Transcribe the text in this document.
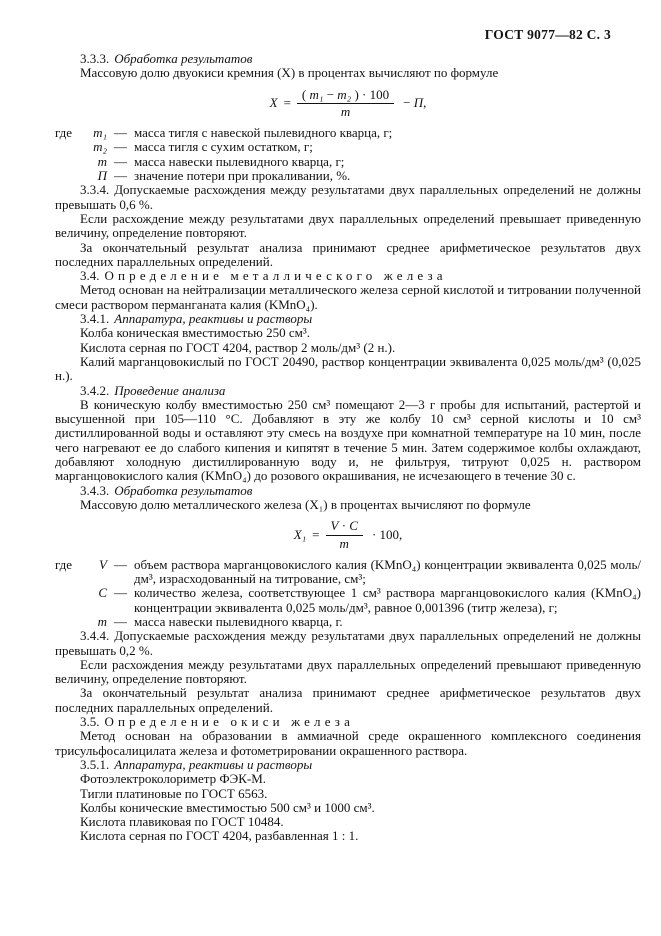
ГОСТ 9077—82 С. 3

3.3.3. Обработка результатов

Массовую долю двуокиси кремния (X) в процентах вычисляют по формуле

$X = \frac{\text{( m₁ − m₂ ) · 100}}{m} - П$,
где	m₁ — масса тигля с навеской пылевидного кварца, г;
m₂ — масса тигля с сухим остатком, г;
m — масса навески пылевидного кварца, г;
П — значение потери при прокаливании, %.

3.3.4. Допускаемые расхождения между результатами двух параллельных определений не должны превышать 0,6 %.

Если расхождение между результатами двух параллельных определений превышает приведенную величину, определение повторяют.

За окончательный результат анализа принимают среднее арифметическое результатов двух последних параллельных определений.

3.4. Определение металлического железа

Метод основан на нейтрализации металлического железа серной кислотой и титровании полученной смеси раствором перманганата калия (KMnO₄).

3.4.1. Аппаратура, реактивы и растворы

Колба коническая вместимостью 250 см³.

Кислота серная по ГОСТ 4204, раствор 2 моль/дм³ (2 н.).

Калий марганцовокислый по ГОСТ 20490, раствор концентрации эквивалента 0,025 моль/дм³ (0,025 н.).

3.4.2. Проведение анализа

В коническую колбу вместимостью 250 см³ помещают 2—3 г пробы для испытаний, растертой и высушенной при 105—110 °С. Добавляют в эту же колбу 10 см³ серной кислоты и 10 см³ дистиллированной воды и оставляют эту смесь на воздухе при комнатной температуре на 10 мин, после чего нагревают ее до слабого кипения и кипятят в течение 5 мин. Затем содержимое колбы охлаждают, добавляют холодную дистиллированную воду и, не фильтруя, титруют 0,025 н. раствором марганцовокислого калия (KMnO₄) до розового окрашивания, не исчезающего в течение 30 с.

3.4.3. Обработка результатов

Массовую долю металлического железа (X₁) в процентах вычисляют по формуле

$X_1 = \frac{V \cdot C}{m} \cdot 100$,
где	V — объем раствора марганцовокислого калия (KMnO₄) концентрации эквивалента 0,025 моль/дм³, израсходованный на титрование, см³;
C — количество железа, соответствующее 1 см³ раствора марганцовокислого калия (KMnO₄) концентрации эквивалента 0,025 моль/дм³, равное 0,001396 (титр железа), г;
m — масса навески пылевидного кварца, г.

3.4.4. Допускаемые расхождения между результатами двух параллельных определений не должны превышать 0,2 %.

Если расхождения между результатами двух параллельных определений превышают приведенную величину, определение повторяют.

За окончательный результат анализа принимают среднее арифметическое результатов двух последних параллельных определений.

3.5. Определение окиси железа

Метод основан на образовании в аммиачной среде окрашенного комплексного соединения трисульфосалицилата железа и фотометрировании окрашенного раствора.

3.5.1. Аппаратура, реактивы и растворы

Фотоэлектроколориметр ФЭК-М.

Тигли платиновые по ГОСТ 6563.

Колбы конические вместимостью 500 см³ и 1000 см³.

Кислота плавиковая по ГОСТ 10484.

Кислота серная по ГОСТ 4204, разбавленная 1 : 1.
